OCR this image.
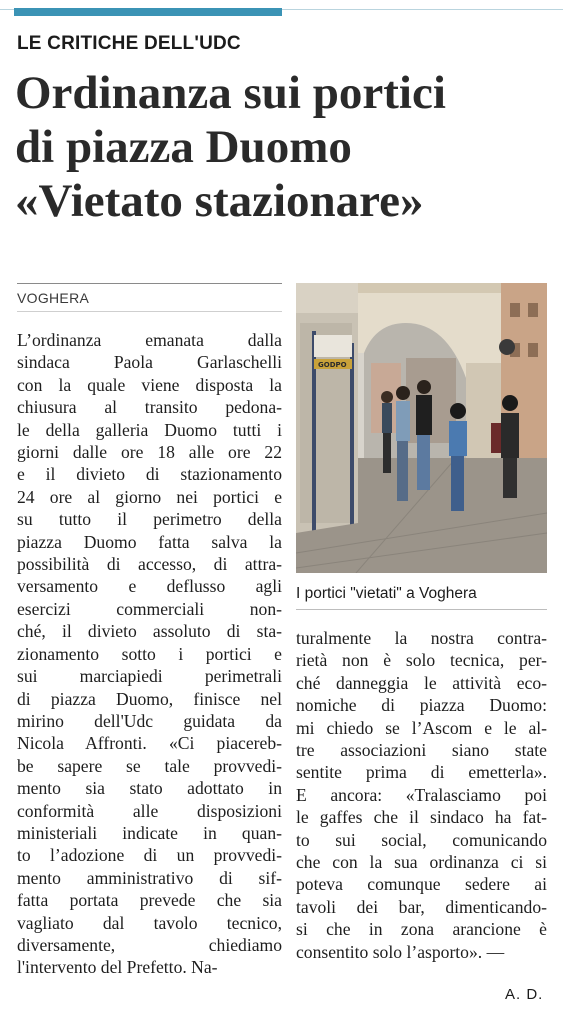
LE CRITICHE DELL'UDC
Ordinanza sui portici
di piazza Duomo
«Vietato stazionare»
VOGHERA
L’ordinanza emanata dalla
sindaca Paola Garlaschelli
con la quale viene disposta la
chiusura al transito pedona-
le della galleria Duomo tutti i
giorni dalle ore 18 alle ore 22
e il divieto di stazionamento
24 ore al giorno nei portici e
su tutto il perimetro della
piazza Duomo fatta salva la
possibilità di accesso, di attra-
versamento e deflusso agli
esercizi commerciali non-
ché, il divieto assoluto di sta-
zionamento sotto i portici e
sui marciapiedi perimetrali
di piazza Duomo, finisce nel
mirino dell'Udc guidata da
Nicola Affronti. «Ci piacereb-
be sapere se tale provvedi-
mento sia stato adottato in
conformità alle disposizioni
ministeriali indicate in quan-
to l’adozione di un provvedi-
mento amministrativo di sif-
fatta portata prevede che sia
vagliato dal tavolo tecnico,
diversamente, chiediamo
l'intervento del Prefetto. Na-
GODPO
I portici "vietati" a Voghera
turalmente la nostra contra-
rietà non è solo tecnica, per-
ché danneggia le attività eco-
nomiche di piazza Duomo:
mi chiedo se l’Ascom e le al-
tre associazioni siano state
sentite prima di emetterla».
E ancora: «Tralasciamo poi
le gaffes che il sindaco ha fat-
to sui social, comunicando
che con la sua ordinanza ci si
poteva comunque sedere ai
tavoli dei bar, dimenticando-
si che in zona arancione è
consentito solo l’asporto». —
A. D.
